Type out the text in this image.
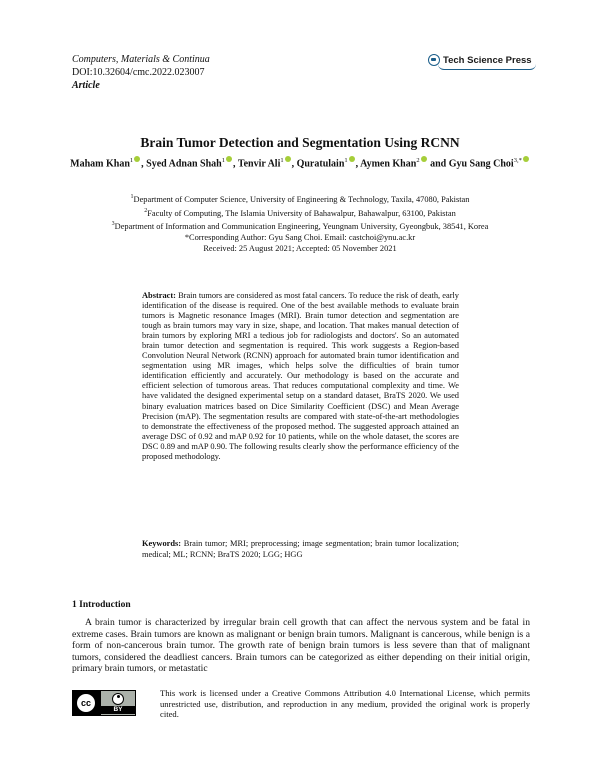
Computers, Materials & Continua
DOI:10.32604/cmc.2022.023007
Article
Tech Science Press
Brain Tumor Detection and Segmentation Using RCNN
Maham Khan$^1$ , Syed Adnan Shah$^1$ , Tenvir Ali$^1$ , Quratulain$^1$ , Aymen Khan$^2$ and Gyu Sang Choi$^{3,*}$
$^1$Department of Computer Science, University of Engineering & Technology, Taxila, 47080, Pakistan
$^2$Faculty of Computing, The Islamia University of Bahawalpur, Bahawalpur, 63100, Pakistan
$^3$Department of Information and Communication Engineering, Yeungnam University, Gyeongbuk, 38541, Korea
*Corresponding Author: Gyu Sang Choi. Email: castchoi@ynu.ac.kr
Received: 25 August 2021; Accepted: 05 November 2021
Abstract: Brain tumors are considered as most fatal cancers. To reduce the risk of death, early identification of the disease is required. One of the best available methods to evaluate brain tumors is Magnetic resonance Images (MRI). Brain tumor detection and segmentation are tough as brain tumors may vary in size, shape, and location. That makes manual detection of brain tumors by exploring MRI a tedious job for radiologists and doctors'. So an automated brain tumor detection and segmentation is required. This work suggests a Region-based Convolution Neural Network (RCNN) approach for automated brain tumor identification and segmentation using MR images, which helps solve the difficulties of brain tumor identification efficiently and accurately. Our methodology is based on the accurate and efficient selection of tumorous areas. That reduces computational complexity and time. We have validated the designed experimental setup on a standard dataset, BraTS 2020. We used binary evaluation matrices based on Dice Similarity Coefficient (DSC) and Mean Average Precision (mAP). The segmentation results are compared with state-of-the-art methodologies to demonstrate the effectiveness of the proposed method. The suggested approach attained an average DSC of 0.92 and mAP 0.92 for 10 patients, while on the whole dataset, the scores are DSC 0.89 and mAP 0.90. The following results clearly show the performance efficiency of the proposed methodology.
Keywords: Brain tumor; MRI; preprocessing; image segmentation; brain tumor localization; medical; ML; RCNN; BraTS 2020; LGG; HGG
1 Introduction
A brain tumor is characterized by irregular brain cell growth that can affect the nervous system and be fatal in extreme cases. Brain tumors are known as malignant or benign brain tumors. Malignant is cancerous, while benign is a form of non-cancerous brain tumor. The growth rate of benign brain tumors is less severe than that of malignant tumors, considered the deadliest cancers. Brain tumors can be categorized as either depending on their initial origin, primary brain tumors, or metastatic
cc
BY
This work is licensed under a Creative Commons Attribution 4.0 International License, which permits unrestricted use, distribution, and reproduction in any medium, provided the original work is properly cited.
